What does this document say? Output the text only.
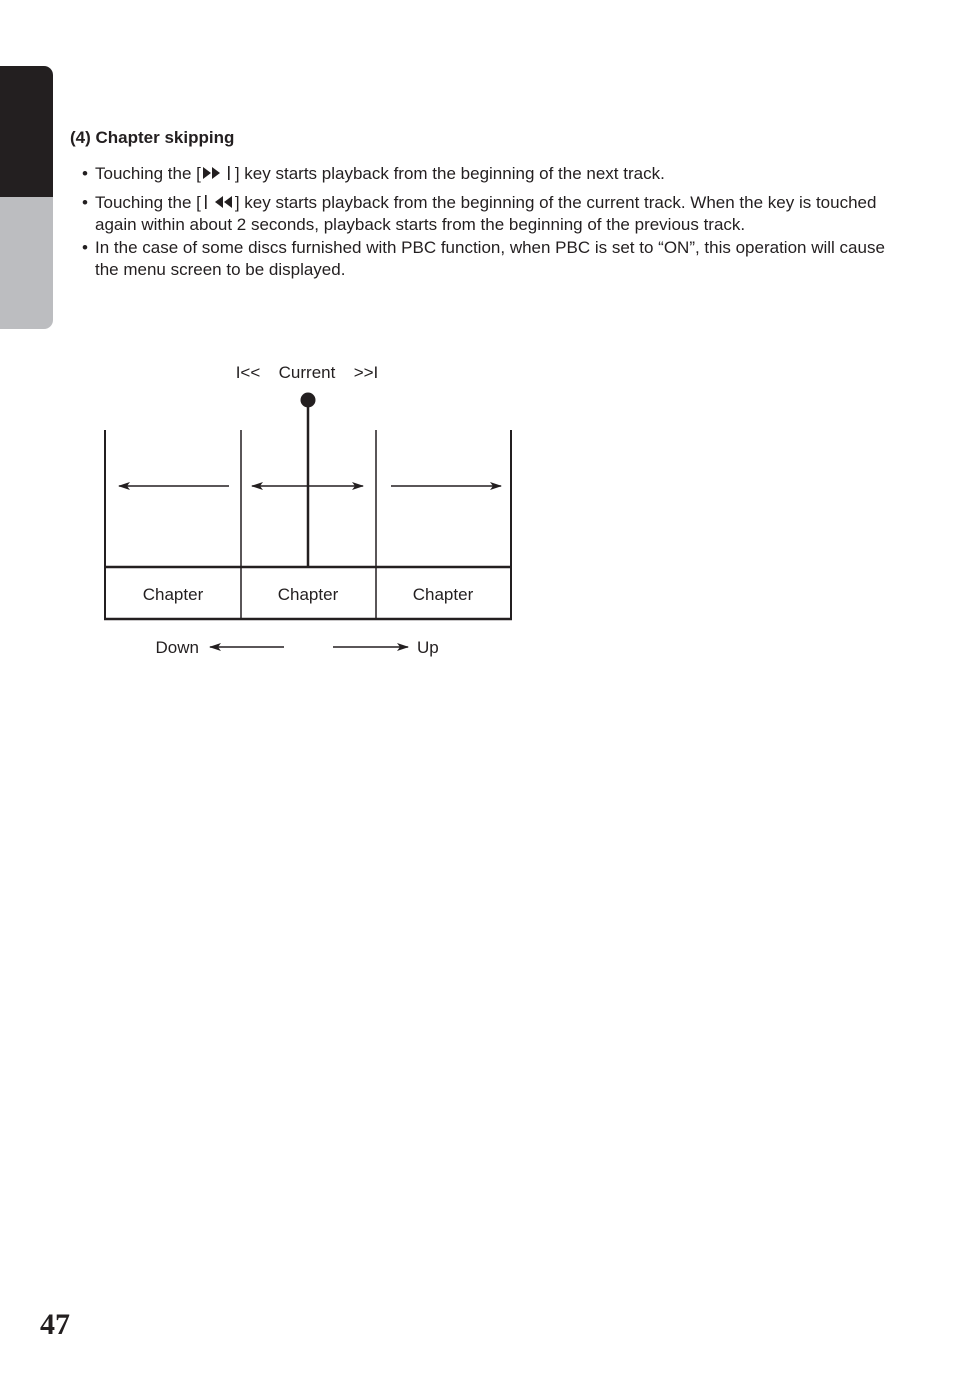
(4) Chapter skipping
• Touching the [ ] key starts playback from the beginning of the next track.
• Touching the [ ] key starts playback from the beginning of the current track. When the key is touched again within about 2 seconds, playback starts from the beginning of the previous track.
• In the case of some discs furnished with PBC function, when PBC is set to “ON”, this operation will cause the menu screen to be displayed.
I<< Current >>I
Chapter	Chapter	Chapter
Down	Up

47
